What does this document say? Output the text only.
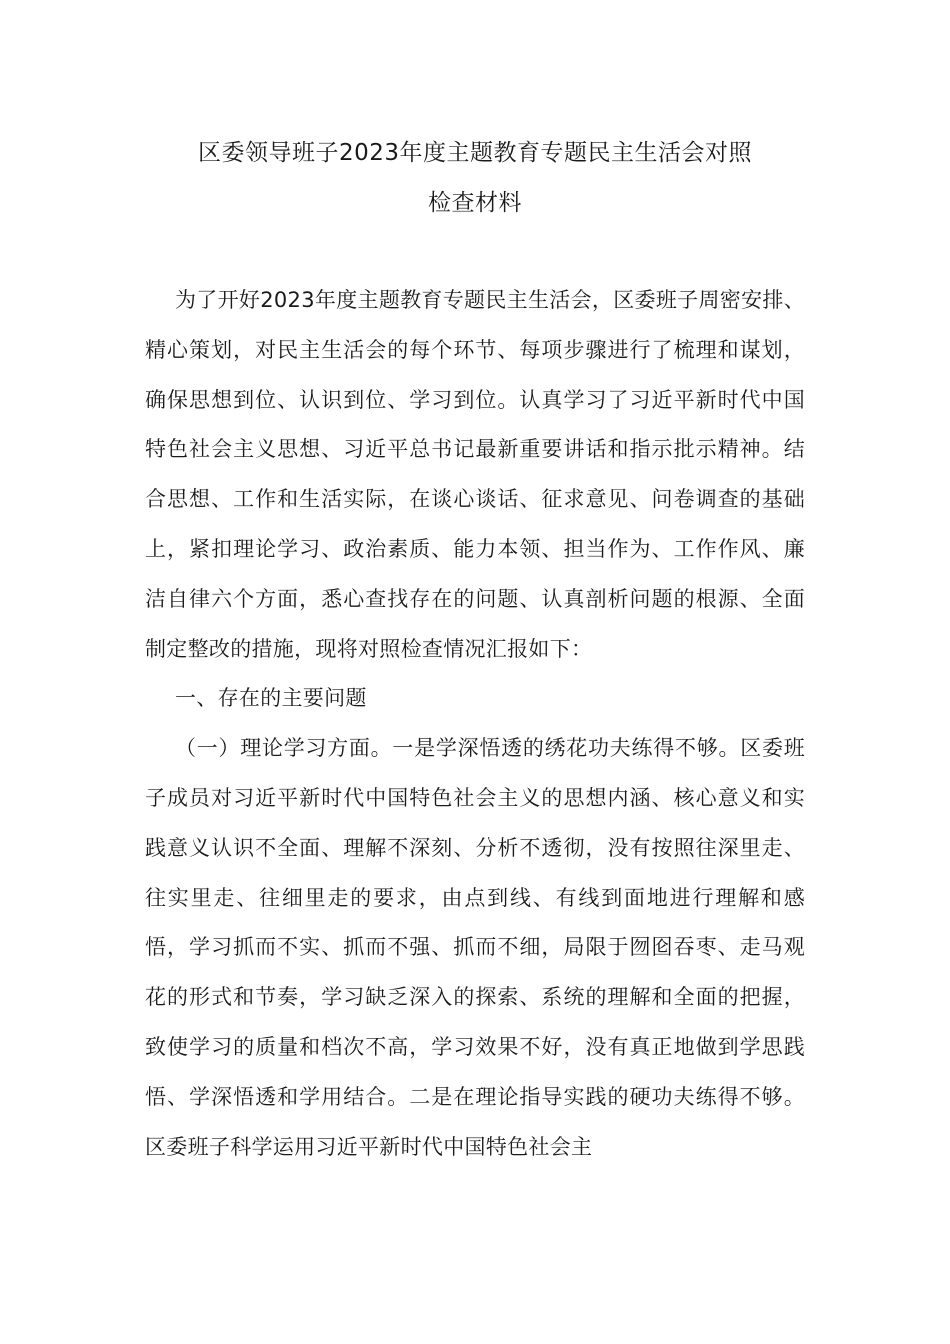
区委领导班子2023年度主题教育专题民主生活会对照
检查材料

为了开好2023年度主题教育专题民主生活会，区委班子周密安排、精心策划，对民主生活会的每个环节、每项步骤进行了梳理和谋划，确保思想到位、认识到位、学习到位。认真学习了习近平新时代中国特色社会主义思想、习近平总书记最新重要讲话和指示批示精神。结合思想、工作和生活实际，在谈心谈话、征求意见、问卷调查的基础上，紧扣理论学习、政治素质、能力本领、担当作为、工作作风、廉洁自律六个方面，悉心查找存在的问题、认真剖析问题的根源、全面制定整改的措施，现将对照检查情况汇报如下：

一、存在的主要问题

（一）理论学习方面。一是学深悟透的绣花功夫练得不够。区委班子成员对习近平新时代中国特色社会主义的思想内涵、核心意义和实践意义认识不全面、理解不深刻、分析不透彻，没有按照往深里走、往实里走、往细里走的要求，由点到线、有线到面地进行理解和感悟，学习抓而不实、抓而不强、抓而不细，局限于囫囵吞枣、走马观花的形式和节奏，学习缺乏深入的探索、系统的理解和全面的把握，致使学习的质量和档次不高，学习效果不好，没有真正地做到学思践悟、学深悟透和学用结合。二是在理论指导实践的硬功夫练得不够。区委班子科学运用习近平新时代中国特色社会主
